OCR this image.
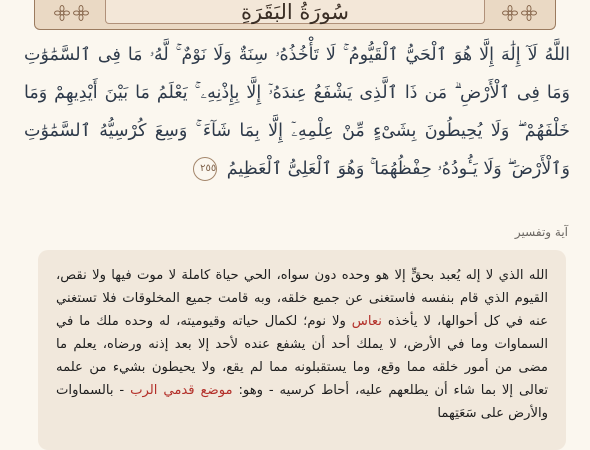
سُورَةُ البَقَرَةِ
اللَّهُ لَآ إِلَٰهَ إِلَّا هُوَ ٱلْحَيُّ ٱلْقَيُّومُ ۚ لَا تَأْخُذُهُۥ سِنَةٌ وَلَا نَوْمٌ ۚ لَّهُۥ مَا فِى ٱلسَّمَٰوَٰتِ وَمَا فِى ٱلْأَرْضِ ۗ مَن ذَا ٱلَّذِى يَشْفَعُ عِندَهُۥٓ إِلَّا بِإِذْنِهِۦ ۚ يَعْلَمُ مَا بَيْنَ أَيْدِيهِمْ وَمَا خَلْفَهُمْ ۖ وَلَا يُحِيطُونَ بِشَىْءٍ مِّنْ عِلْمِهِۦٓ إِلَّا بِمَا شَآءَ ۚ وَسِعَ كُرْسِيُّهُ ٱلسَّمَٰوَٰتِ وَٱلْأَرْضَ ۖ وَلَا يَـُٔودُهُۥ حِفْظُهُمَا ۚ وَهُوَ ٱلْعَلِىُّ ٱلْعَظِيمُ ٢٥٥
آية وتفسير

الله الذي لا إله يُعبد بحقٍّ إلا هو وحده دون سواه، الحي حياة كاملة لا موت فيها ولا نقص، القيوم الذي قام بنفسه فاستغنى عن جميع خلقه، وبه قامت جميع المخلوقات فلا تستغني عنه في كل أحوالها، لا يأخذه نعاس ولا نوم؛ لكمال حياته وقيوميته، له وحده ملك ما في السماوات وما في الأرض، لا يملك أحد أن يشفع عنده لأحد إلا بعد إذنه ورضاه، يعلم ما مضى من أمور خلقه مما وقع، وما يستقبلونه مما لم يقع، ولا يحيطون بشيء من علمه تعالى إلا بما شاء أن يطلعهم عليه، أحاط كرسيه - وهو: موضع قدمي الرب - بالسماوات والأرض على سَعَتِهما
